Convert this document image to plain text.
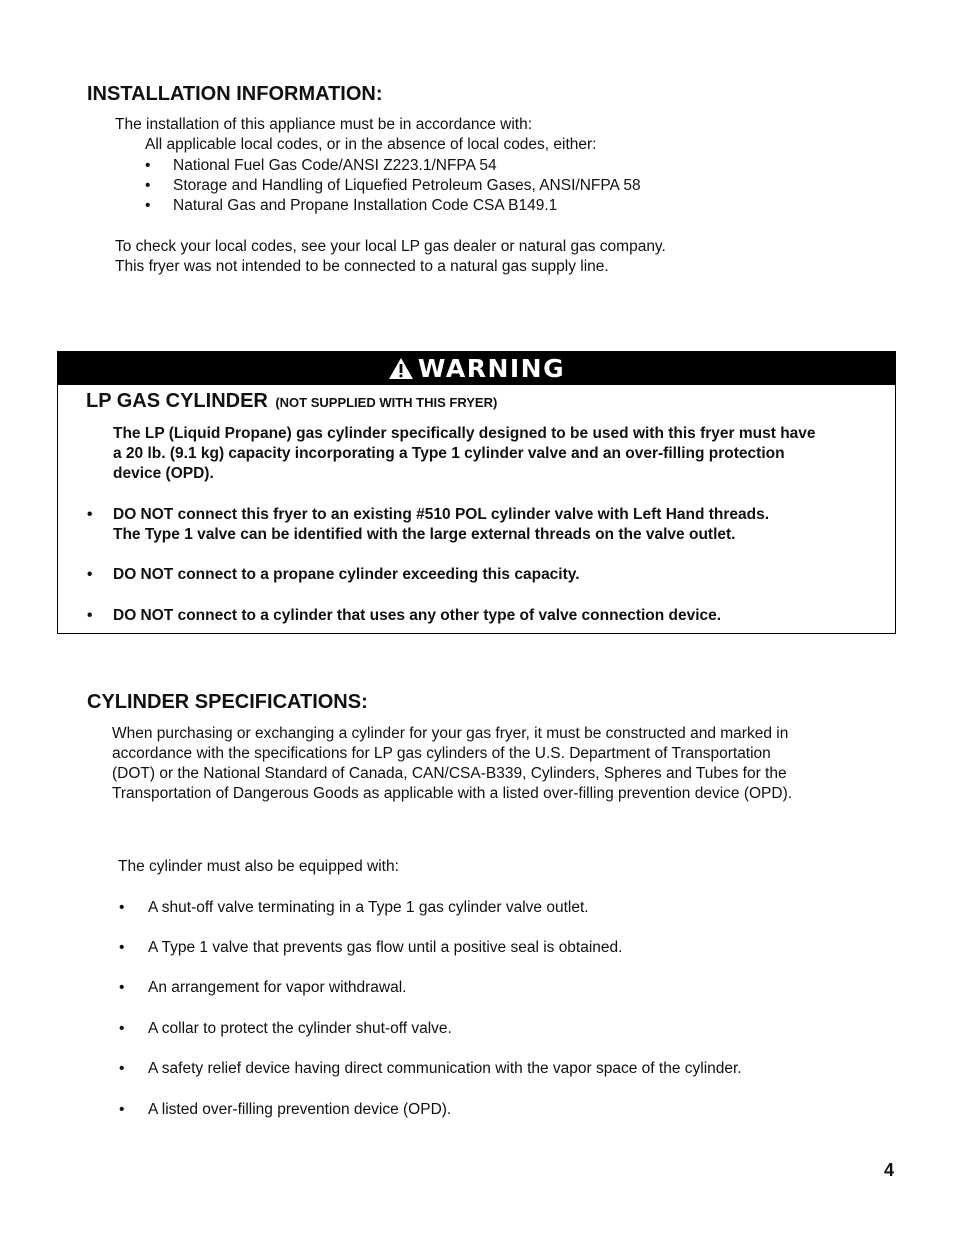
INSTALLATION INFORMATION:
The installation of this appliance must be in accordance with:
All applicable local codes, or in the absence of local codes, either:
• National Fuel Gas Code/ANSI Z223.1/NFPA 54
• Storage and Handling of Liquefied Petroleum Gases, ANSI/NFPA 58
• Natural Gas and Propane Installation Code CSA B149.1
To check your local codes, see your local LP gas dealer or natural gas company.
This fryer was not intended to be connected to a natural gas supply line.
WARNING
LP GAS CYLINDER (NOT SUPPLIED WITH THIS FRYER)
The LP (Liquid Propane) gas cylinder specifically designed to be used with this fryer must have
a 20 lb. (9.1 kg) capacity incorporating a Type 1 cylinder valve and an over-filling protection
device (OPD).
• DO NOT connect this fryer to an existing #510 POL cylinder valve with Left Hand threads.
The Type 1 valve can be identified with the large external threads on the valve outlet.
• DO NOT connect to a propane cylinder exceeding this capacity.
• DO NOT connect to a cylinder that uses any other type of valve connection device.
CYLINDER SPECIFICATIONS:
When purchasing or exchanging a cylinder for your gas fryer, it must be constructed and marked in
accordance with the specifications for LP gas cylinders of the U.S. Department of Transportation
(DOT) or the National Standard of Canada, CAN/CSA-B339, Cylinders, Spheres and Tubes for the
Transportation of Dangerous Goods as applicable with a listed over-filling prevention device (OPD).
The cylinder must also be equipped with:
• A shut-off valve terminating in a Type 1 gas cylinder valve outlet.
• A Type 1 valve that prevents gas flow until a positive seal is obtained.
• An arrangement for vapor withdrawal.
• A collar to protect the cylinder shut-off valve.
• A safety relief device having direct communication with the vapor space of the cylinder.
• A listed over-filling prevention device (OPD).
4
